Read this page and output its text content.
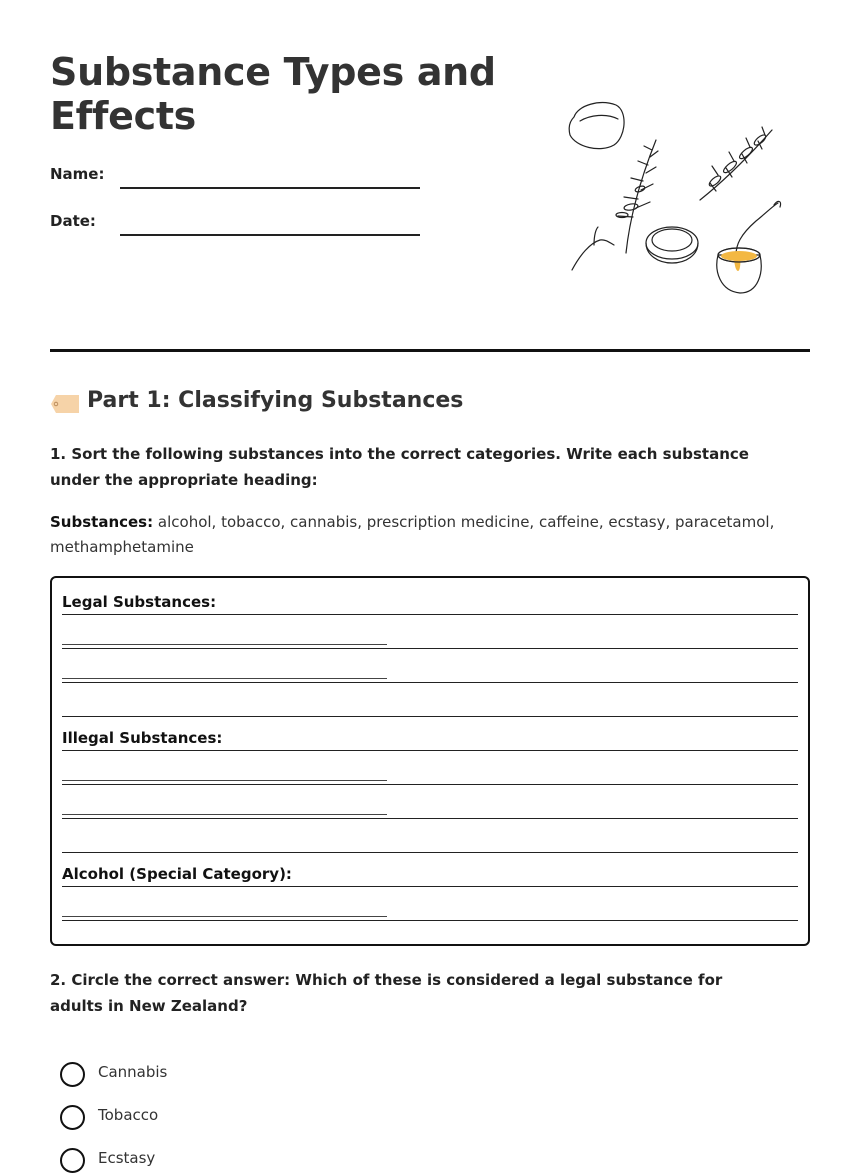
Substance Types and Effects
Name:
Date:
Part 1: Classifying Substances

1. Sort the following substances into the correct categories. Write each substance under the appropriate heading:

Substances: alcohol, tobacco, cannabis, prescription medicine, caffeine, ecstasy, paracetamol, methamphetamine

Legal Substances:
Illegal Substances:
Alcohol (Special Category):

2. Circle the correct answer: Which of these is considered a legal substance for adults in New Zealand?

Cannabis
Tobacco
Ecstasy
